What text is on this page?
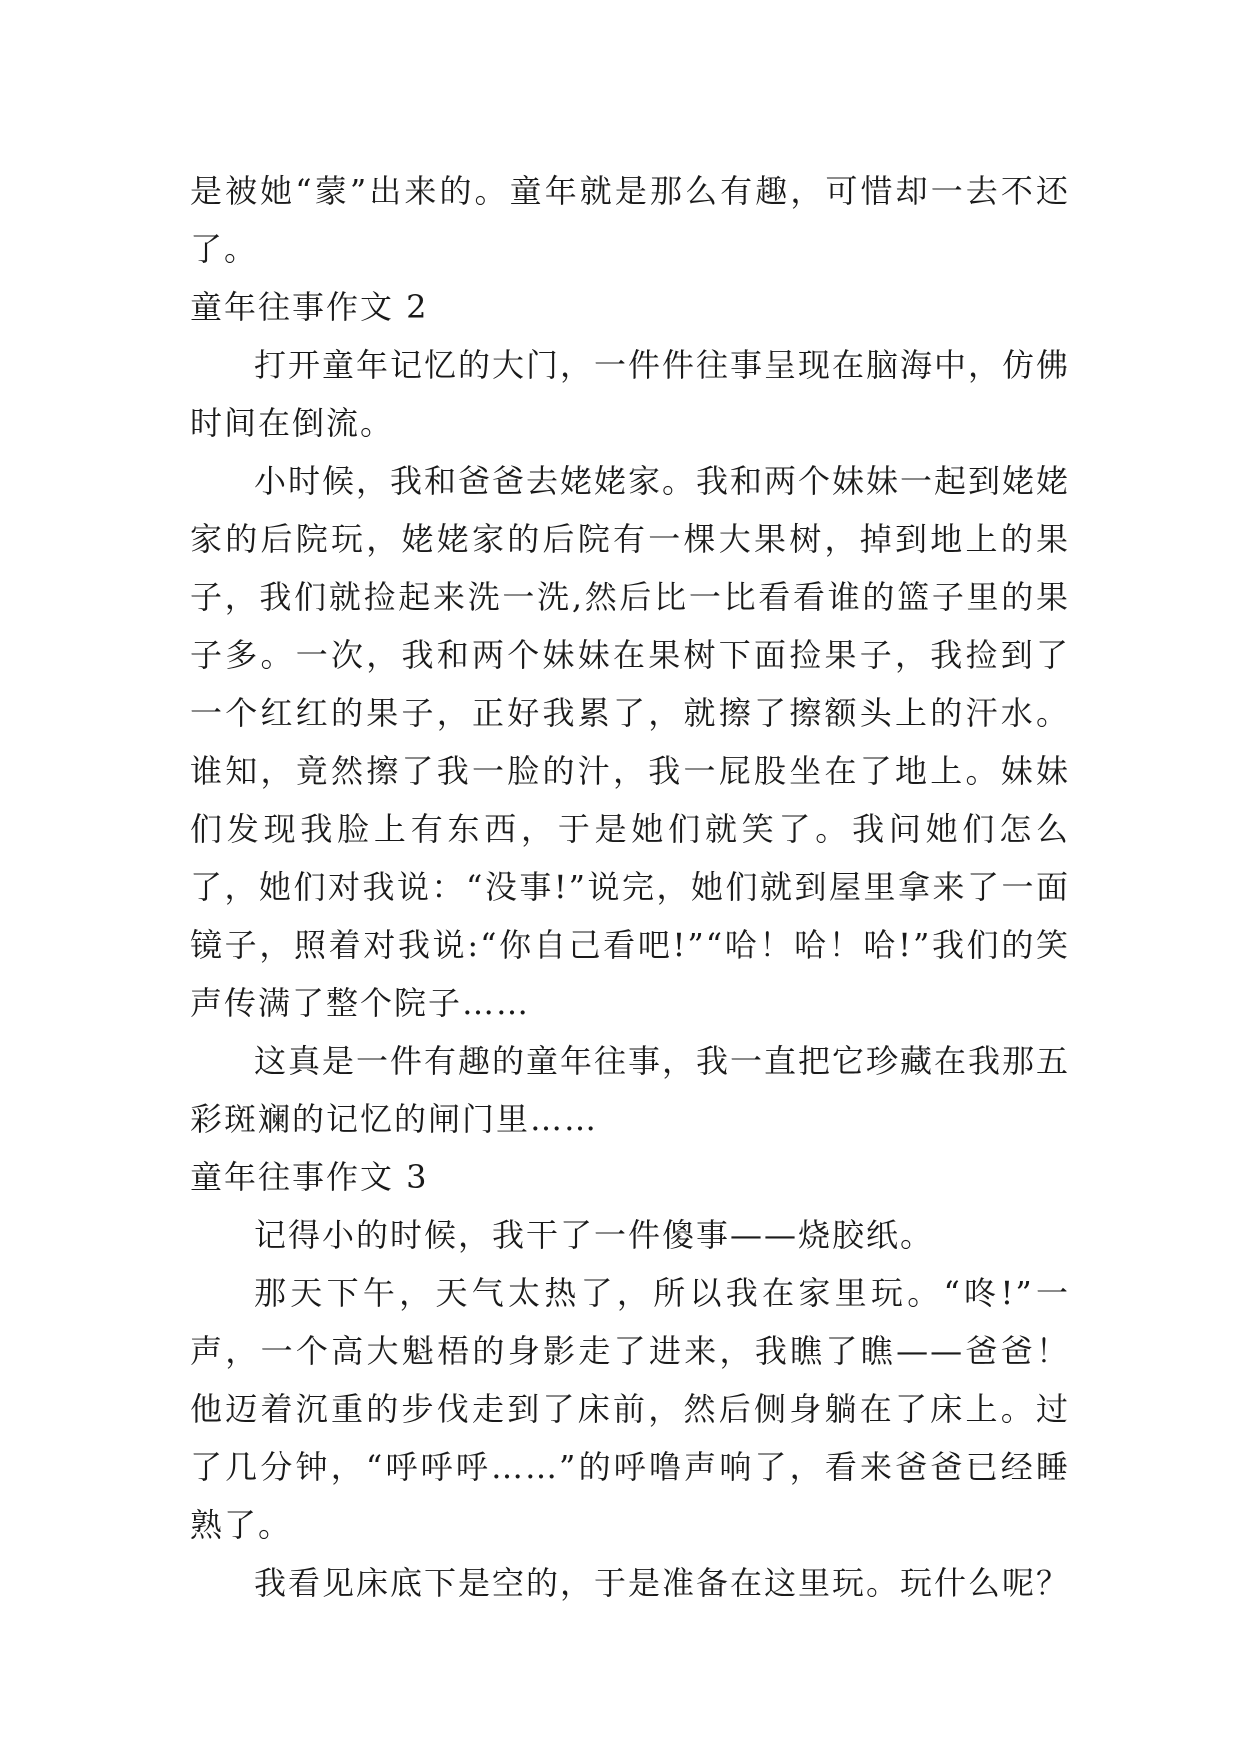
是被她“蒙”出来的。童年就是那么有趣，可惜却一去不还了。

童年往事作文 2

打开童年记忆的大门，一件件往事呈现在脑海中，仿佛时间在倒流。

小时候，我和爸爸去姥姥家。我和两个妹妹一起到姥姥家的后院玩，姥姥家的后院有一棵大果树，掉到地上的果子，我们就捡起来洗一洗,然后比一比看看谁的篮子里的果子多。一次，我和两个妹妹在果树下面捡果子，我捡到了一个红红的果子，正好我累了，就擦了擦额头上的汗水。谁知，竟然擦了我一脸的汁，我一屁股坐在了地上。妹妹们发现我脸上有东西，于是她们就笑了。我问她们怎么了，她们对我说：“没事!”说完，她们就到屋里拿来了一面镜子，照着对我说:“你自己看吧!”“哈！哈！哈!”我们的笑声传满了整个院子……

这真是一件有趣的童年往事，我一直把它珍藏在我那五彩斑斓的记忆的闸门里……

童年往事作文 3

记得小的时候，我干了一件傻事——烧胶纸。

那天下午，天气太热了，所以我在家里玩。“咚!”一声，一个高大魁梧的身影走了进来，我瞧了瞧——爸爸！他迈着沉重的步伐走到了床前，然后侧身躺在了床上。过了几分钟，“呼呼呼……”的呼噜声响了，看来爸爸已经睡熟了。

我看见床底下是空的，于是准备在这里玩。玩什么呢？
